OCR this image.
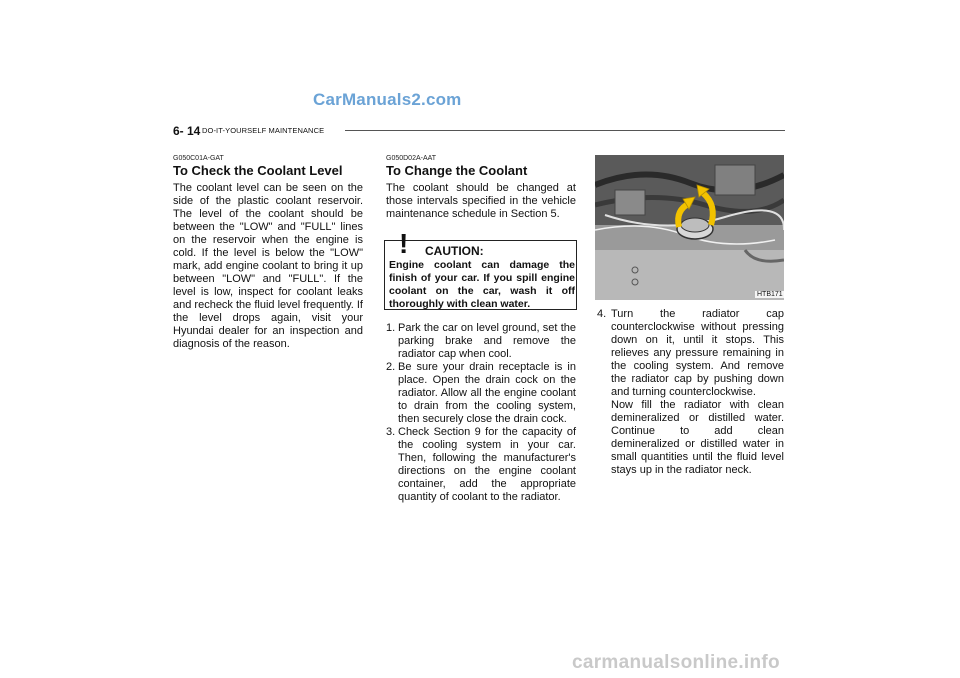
CarManuals2.com
6- 14 DO-IT-YOURSELF MAINTENANCE
G050C01A-GAT
To Check the Coolant Level
The coolant level can be seen on the side of the plastic coolant reservoir. The level of the coolant should be between the "LOW" and "FULL" lines on the reservoir when the engine is cold. If the level is below the "LOW" mark, add engine coolant to bring it up between "LOW" and "FULL". If the level is low, inspect for coolant leaks and recheck the fluid level frequently. If the level drops again, visit your Hyundai dealer for an inspection and diagnosis of the reason.
G050D02A-AAT
To Change the Coolant
The coolant should be changed at those intervals specified in the vehicle maintenance schedule in Section 5.
! CAUTION:
Engine coolant can damage the finish of your car. If you spill engine coolant on the car, wash it off thoroughly with clean water.
1. Park the car on level ground, set the parking brake and remove the radiator cap when cool.
2. Be sure your drain receptacle is in place. Open the drain cock on the radiator. Allow all the engine coolant to drain from the cooling system, then securely close the drain cock.
3. Check Section 9 for the capacity of the cooling system in your car. Then, following the manufacturer's directions on the engine coolant container, add the appropriate quantity of coolant to the radiator.
HTB171
4. Turn the radiator cap counterclockwise without pressing down on it, until it stops. This relieves any pressure remaining in the cooling system. And remove the radiator cap by pushing down and turning counterclockwise.
Now fill the radiator with clean demineralized or distilled water. Continue to add clean demineralized or distilled water in small quantities until the fluid level stays up in the radiator neck.
carmanualsonline.info
